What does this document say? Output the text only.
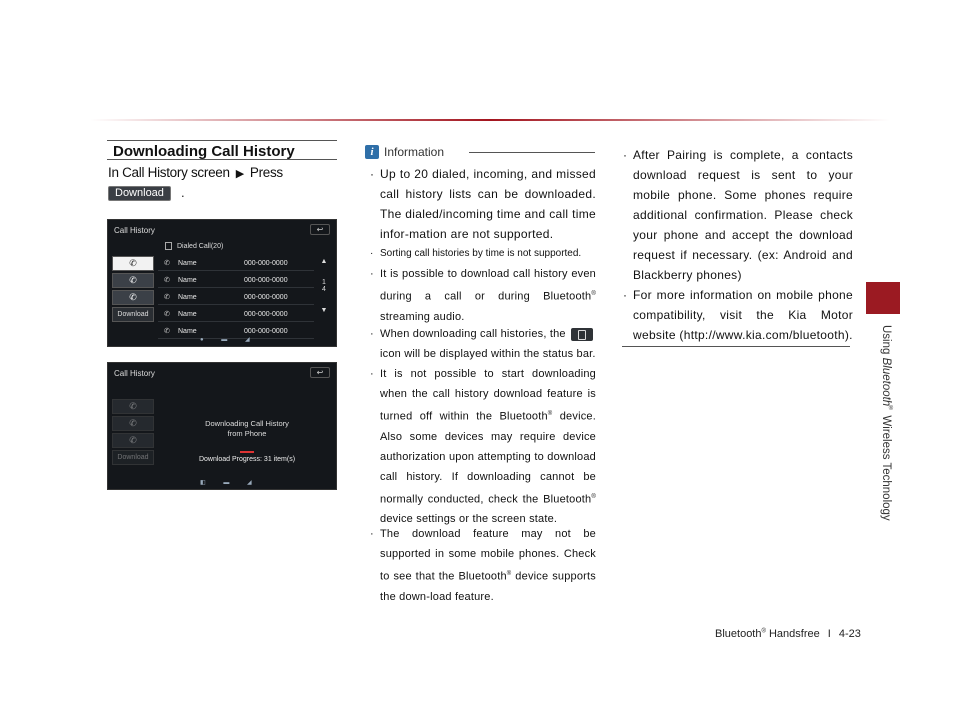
Using Bluetooth® Wireless Technology
Downloading Call History
In Call History screen ▶ Press
Download	.
Call History	↩
Dialed Call(20)
✆
✆
✆
Download
✆ Name	000-000-0000
✆ Name	000-000-0000
✆ Name	000-000-0000
✆ Name	000-000-0000
✆ Name	000-000-0000
▲
1
4
▼
● ▬ ◢
Call History	↩
✆
✆
✆
Download
Downloading Call History
from Phone
Download Progress: 31 item(s)
◧ ▬ ◢
i Information
· Up to 20 dialed, incoming, and missed call history lists can be downloaded. The dialed/incoming time and call time infor-mation are not supported.
· Sorting call histories by time is not supported.
· It is possible to download call history even during a call or during Bluetooth® streaming audio.
· When downloading call histories, the
icon will be displayed within the status bar.
· It is not possible to start downloading when the call history download feature is turned off within the Bluetooth® device. Also some devices may require device authorization upon attempting to download call history. If downloading cannot be normally conducted, check the Bluetooth® device settings or the screen state.
· The download feature may not be supported in some mobile phones. Check to see that the Bluetooth® device supports the down-load feature.
· After Pairing is complete, a contacts download request is sent to your mobile phone. Some phones require additional confirmation. Please check your phone and accept the download request if necessary. (ex: Android and Blackberry phones)
· For more information on mobile phone compatibility, visit the Kia Motor website (http://www.kia.com/bluetooth).
Bluetooth® Handsfree I 4-23
